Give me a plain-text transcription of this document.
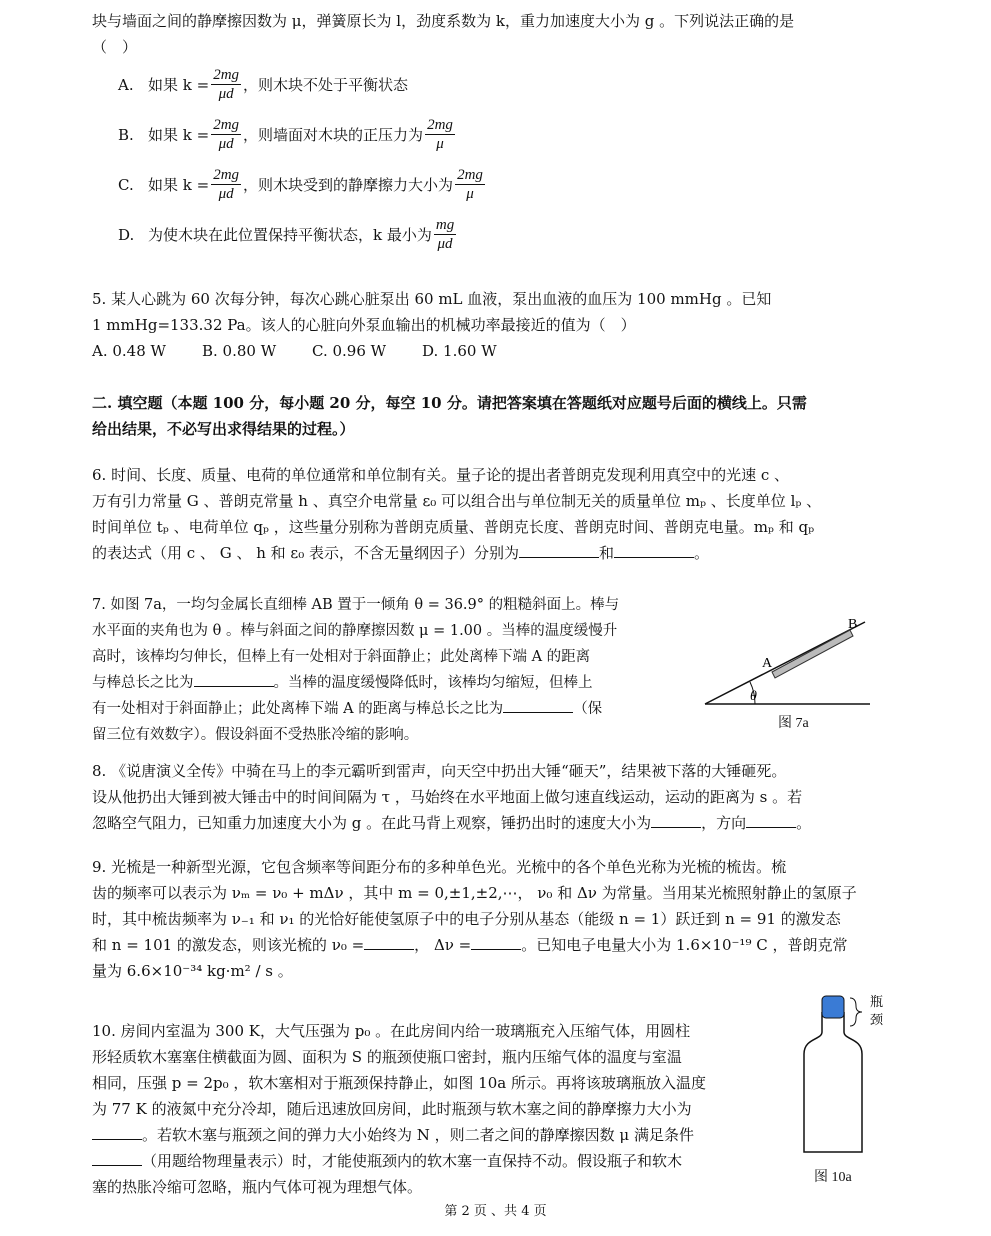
块与墙面之间的静摩擦因数为 μ，弹簧原长为 l，劲度系数为 k，重力加速度大小为 g 。下列说法正确的是
（　）
A. 如果 $k = \frac{2mg}{\mu d}$ ，则木块不处于平衡状态
B. 如果 $k = \frac{2mg}{\mu d}$ ，则墙面对木块的正压力为 $\frac{2mg}{\mu}$
C. 如果 $k = \frac{2mg}{\mu d}$ ，则木块受到的静摩擦力大小为 $\frac{2mg}{\mu}$
D. 为使木块在此位置保持平衡状态，k 最小为 $\frac{mg}{\mu d}$
5. 某人心跳为 60 次每分钟，每次心跳心脏泵出 60 mL 血液，泵出血液的血压为 100 mmHg 。已知
1 mmHg=133.32 Pa。该人的心脏向外泵血输出的机械功率最接近的值为（　）
A. 0.48 W B. 0.80 W C. 0.96 W D. 1.60 W
二. 填空题（本题 100 分，每小题 20 分，每空 10 分。请把答案填在答题纸对应题号后面的横线上。只需
给出结果，不必写出求得结果的过程。）
6. 时间、长度、质量、电荷的单位通常和单位制有关。量子论的提出者普朗克发现利用真空中的光速 c 、
万有引力常量 G 、普朗克常量 h 、真空介电常量 ε₀ 可以组合出与单位制无关的质量单位 mₚ 、长度单位 lₚ 、
时间单位 tₚ 、电荷单位 qₚ ，这些量分别称为普朗克质量、普朗克长度、普朗克时间、普朗克电量。mₚ 和 qₚ
的表达式（用 c 、 G 、 h 和 ε₀ 表示，不含无量纲因子）分别为	和	。
7. 如图 7a，一均匀金属长直细棒 AB 置于一倾角 θ = 36.9° 的粗糙斜面上。棒与
水平面的夹角也为 θ 。棒与斜面之间的静摩擦因数 μ = 1.00 。当棒的温度缓慢升
高时，该棒均匀伸长，但棒上有一处相对于斜面静止；此处离棒下端 A 的距离
与棒总长之比为	。当棒的温度缓慢降低时，该棒均匀缩短，但棒上
有一处相对于斜面静止；此处离棒下端 A 的距离与棒总长之比为	（保
留三位有效数字）。假设斜面不受热胀冷缩的影响。
A
B
θ
图 7a
8. 《说唐演义全传》中骑在马上的李元霸听到雷声，向天空中扔出大锤“砸天”，结果被下落的大锤砸死。
设从他扔出大锤到被大锤击中的时间间隔为 τ ，马始终在水平地面上做匀速直线运动，运动的距离为 s 。若
忽略空气阻力，已知重力加速度大小为 g 。在此马背上观察，锤扔出时的速度大小为	，方向	。
9. 光梳是一种新型光源，它包含频率等间距分布的多种单色光。光梳中的各个单色光称为光梳的梳齿。梳
齿的频率可以表示为 νₘ = ν₀ + mΔν ，其中 m = 0,±1,±2,⋯， ν₀ 和 Δν 为常量。当用某光梳照射静止的氢原子
时，其中梳齿频率为 ν₋₁ 和 ν₁ 的光恰好能使氢原子中的电子分别从基态（能级 n = 1）跃迁到 n = 91 的激发态
和 n = 101 的激发态，则该光梳的 ν₀ =	， Δν =	。已知电子电量大小为 1.6×10⁻¹⁹ C ，普朗克常
量为 6.6×10⁻³⁴ kg·m² / s 。
10. 房间内室温为 300 K，大气压强为 p₀ 。在此房间内给一玻璃瓶充入压缩气体，用圆柱
形轻质软木塞塞住横截面为圆、面积为 S 的瓶颈使瓶口密封，瓶内压缩气体的温度与室温
相同，压强 p = 2p₀ ，软木塞相对于瓶颈保持静止，如图 10a 所示。再将该玻璃瓶放入温度
为 77 K 的液氮中充分冷却，随后迅速放回房间，此时瓶颈与软木塞之间的静摩擦力大小为
。若软木塞与瓶颈之间的弹力大小始终为 N ，则二者之间的静摩擦因数 μ 满足条件
（用题给物理量表示）时，才能使瓶颈内的软木塞一直保持不动。假设瓶子和软木
塞的热胀冷缩可忽略，瓶内气体可视为理想气体。
瓶
颈
图 10a
第 2 页 、共 4 页
